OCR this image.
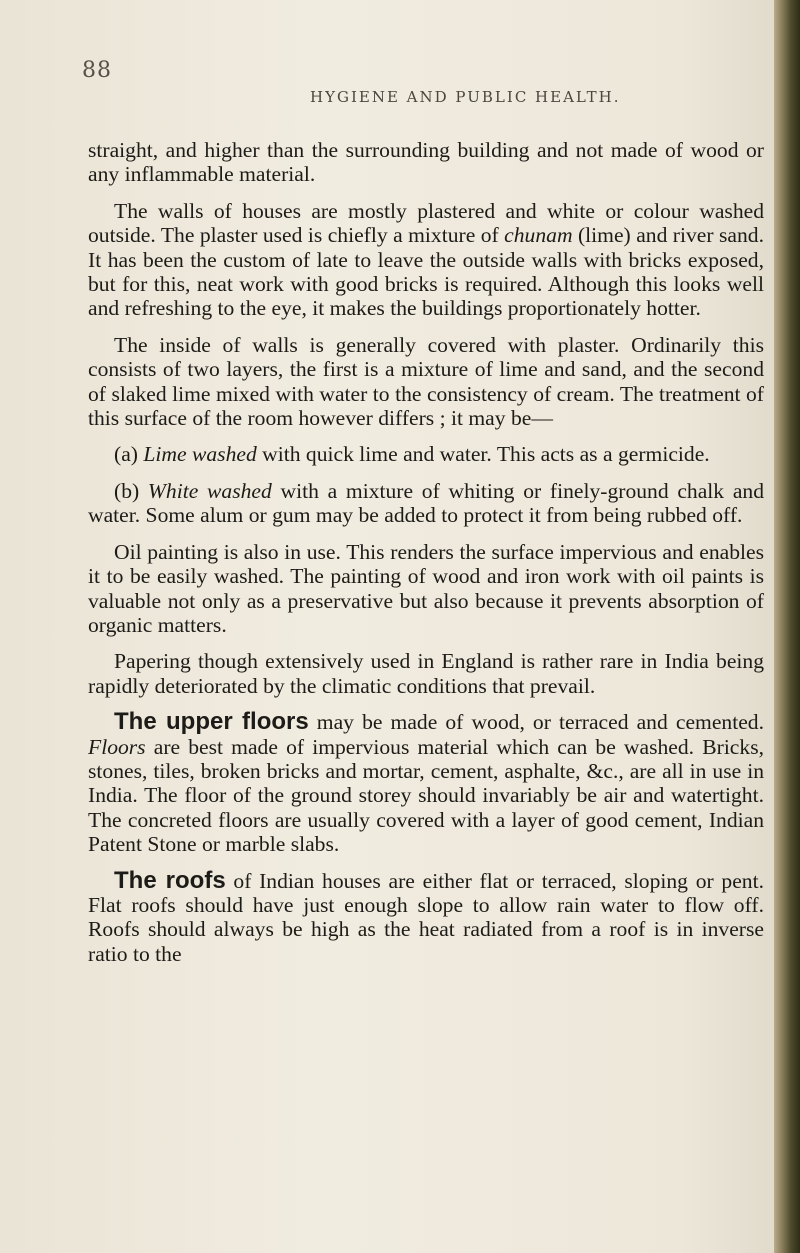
88
HYGIENE AND PUBLIC HEALTH.

straight, and higher than the surrounding building and not made of wood or any inflammable material.

The walls of houses are mostly plastered and white or colour washed outside. The plaster used is chiefly a mixture of chunam (lime) and river sand. It has been the custom of late to leave the outside walls with bricks exposed, but for this, neat work with good bricks is required. Although this looks well and refreshing to the eye, it makes the buildings proportionately hotter.

The inside of walls is generally covered with plaster. Ordinarily this consists of two layers, the first is a mixture of lime and sand, and the second of slaked lime mixed with water to the consistency of cream. The treatment of this surface of the room however differs ; it may be—

(a) Lime washed with quick lime and water. This acts as a germicide.

(b) White washed with a mixture of whiting or finely-ground chalk and water. Some alum or gum may be added to protect it from being rubbed off.

Oil painting is also in use. This renders the surface impervious and enables it to be easily washed. The painting of wood and iron work with oil paints is valuable not only as a preservative but also because it prevents absorption of organic matters.

Papering though extensively used in England is rather rare in India being rapidly deteriorated by the climatic conditions that prevail.

The upper floors may be made of wood, or terraced and cemented. Floors are best made of impervious material which can be washed. Bricks, stones, tiles, broken bricks and mortar, cement, asphalte, &c., are all in use in India. The floor of the ground storey should invariably be air and watertight. The concreted floors are usually covered with a layer of good cement, Indian Patent Stone or marble slabs.

The roofs of Indian houses are either flat or terraced, sloping or pent. Flat roofs should have just enough slope to allow rain water to flow off. Roofs should always be high as the heat radiated from a roof is in inverse ratio to the
